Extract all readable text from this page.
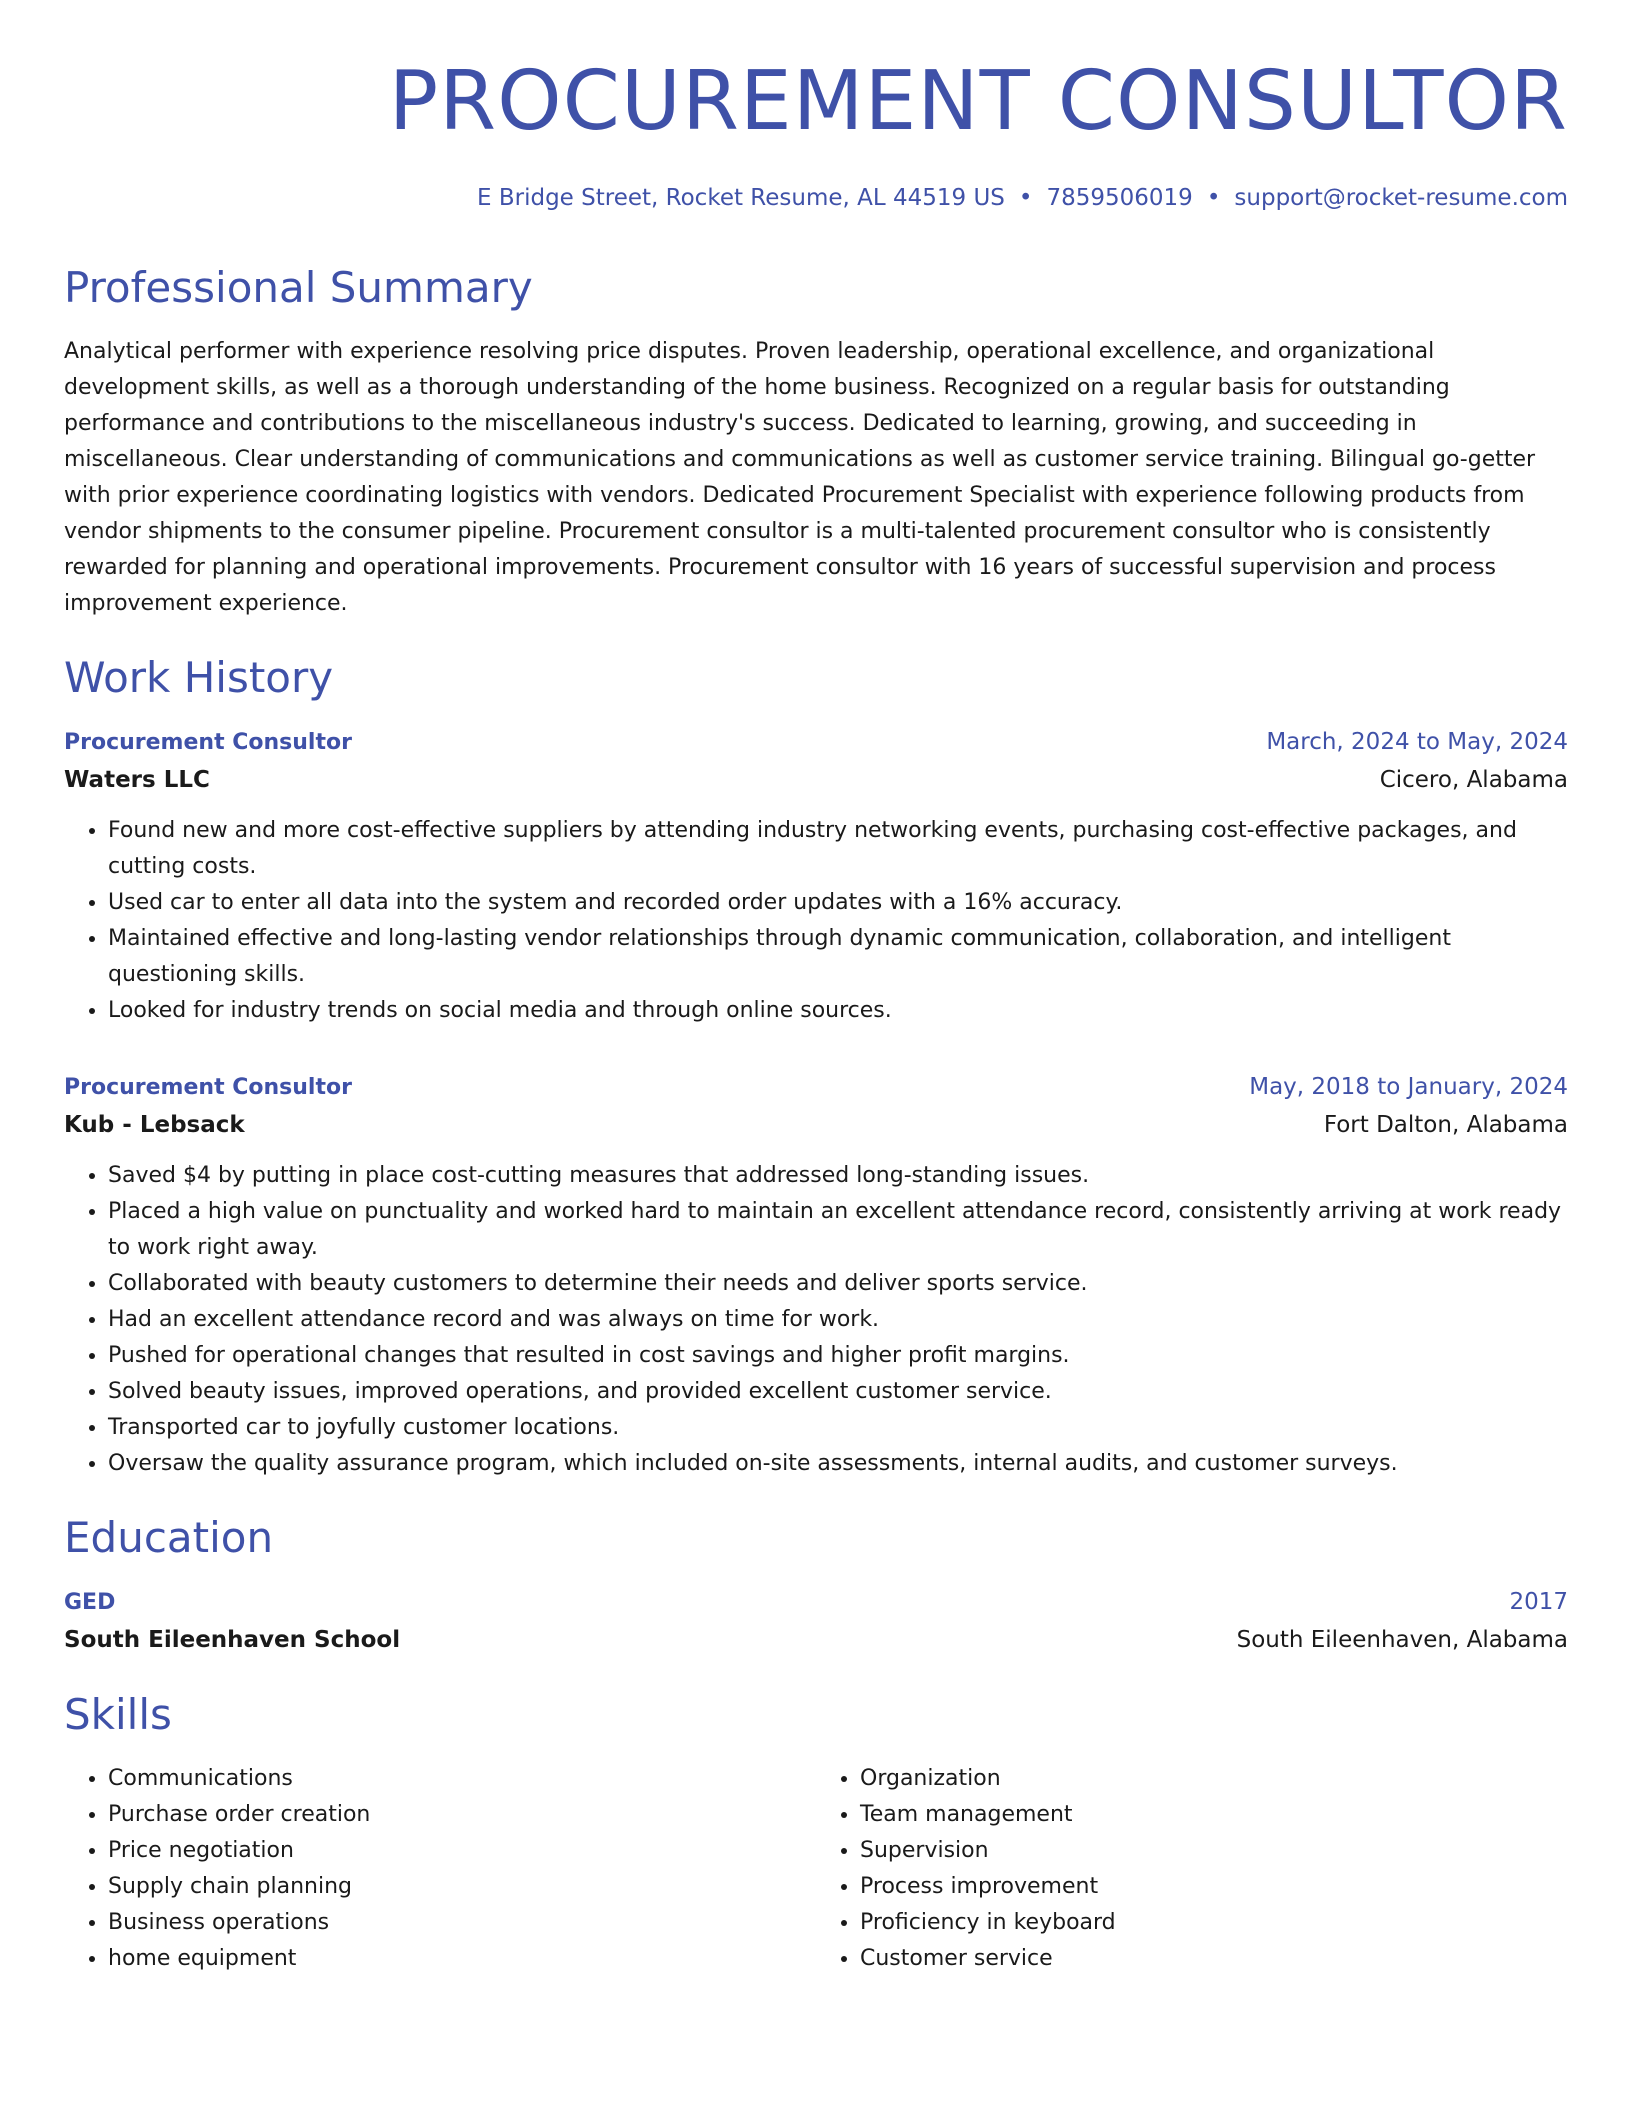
PROCUREMENT CONSULTOR
E Bridge Street, Rocket Resume, AL 44519 US • 7859506019 • support@rocket-resume.com
Professional Summary
Analytical performer with experience resolving price disputes. Proven leadership, operational excellence, and organizational development skills, as well as a thorough understanding of the home business. Recognized on a regular basis for outstanding performance and contributions to the miscellaneous industry's success. Dedicated to learning, growing, and succeeding in miscellaneous. Clear understanding of communications and communications as well as customer service training. Bilingual go-getter with prior experience coordinating logistics with vendors. Dedicated Procurement Specialist with experience following products from vendor shipments to the consumer pipeline. Procurement consultor is a multi-talented procurement consultor who is consistently rewarded for planning and operational improvements. Procurement consultor with 16 years of successful supervision and process improvement experience.
Work History
Procurement Consultor	March, 2024 to May, 2024
Waters LLC	Cicero, Alabama
• Found new and more cost-effective suppliers by attending industry networking events, purchasing cost-effective packages, and cutting costs.
• Used car to enter all data into the system and recorded order updates with a 16% accuracy.
• Maintained effective and long-lasting vendor relationships through dynamic communication, collaboration, and intelligent questioning skills.
• Looked for industry trends on social media and through online sources.
Procurement Consultor	May, 2018 to January, 2024
Kub - Lebsack	Fort Dalton, Alabama
• Saved $4 by putting in place cost-cutting measures that addressed long-standing issues.
• Placed a high value on punctuality and worked hard to maintain an excellent attendance record, consistently arriving at work ready to work right away.
• Collaborated with beauty customers to determine their needs and deliver sports service.
• Had an excellent attendance record and was always on time for work.
• Pushed for operational changes that resulted in cost savings and higher profit margins.
• Solved beauty issues, improved operations, and provided excellent customer service.
• Transported car to joyfully customer locations.
• Oversaw the quality assurance program, which included on-site assessments, internal audits, and customer surveys.
Education
GED	2017
South Eileenhaven School	South Eileenhaven, Alabama
Skills
• Communications
• Purchase order creation
• Price negotiation
• Supply chain planning
• Business operations
• home equipment
• Organization
• Team management
• Supervision
• Process improvement
• Proficiency in keyboard
• Customer service
